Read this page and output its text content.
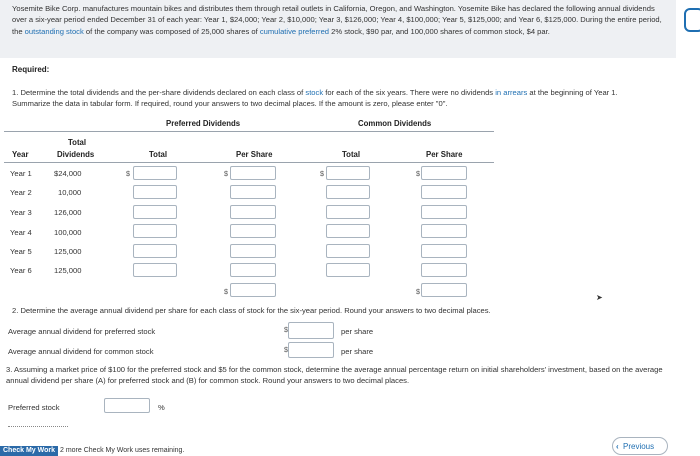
Yosemite Bike Corp. manufactures mountain bikes and distributes them through retail outlets in California, Oregon, and Washington. Yosemite Bike has declared the following annual dividends over a six-year period ended December 31 of each year: Year 1, $24,000; Year 2, $10,000; Year 3, $126,000; Year 4, $100,000; Year 5, $125,000; and Year 6, $125,000. During the entire period, the outstanding stock of the company was composed of 25,000 shares of cumulative preferred 2% stock, $90 par, and 100,000 shares of common stock, $4 par.
Required:
1. Determine the total dividends and the per-share dividends declared on each class of stock for each of the six years. There were no dividends in arrears at the beginning of Year 1. Summarize the data in tabular form. If required, round your answers to two decimal places. If the amount is zero, please enter "0".
Preferred Dividends	Common Dividends
Total
Year	Dividends	Total	Per Share	Total	Per Share
Year 1	$24,000
Year 2	10,000
Year 3	126,000
Year 4	100,000
Year 5	125,000
Year 6	125,000
$	$	$	$
$	$
➤
2. Determine the average annual dividend per share for each class of stock for the six-year period. Round your answers to two decimal places.
Average annual dividend for preferred stock	$	per share
Average annual dividend for common stock	$	per share
3. Assuming a market price of $100 for the preferred stock and $5 for the common stock, determine the average annual percentage return on initial shareholders' investment, based on the average annual dividend per share (A) for preferred stock and (B) for common stock. Round your answers to two decimal places.
Preferred stock	%
Check My Work 2 more Check My Work uses remaining.	‹ Previous
